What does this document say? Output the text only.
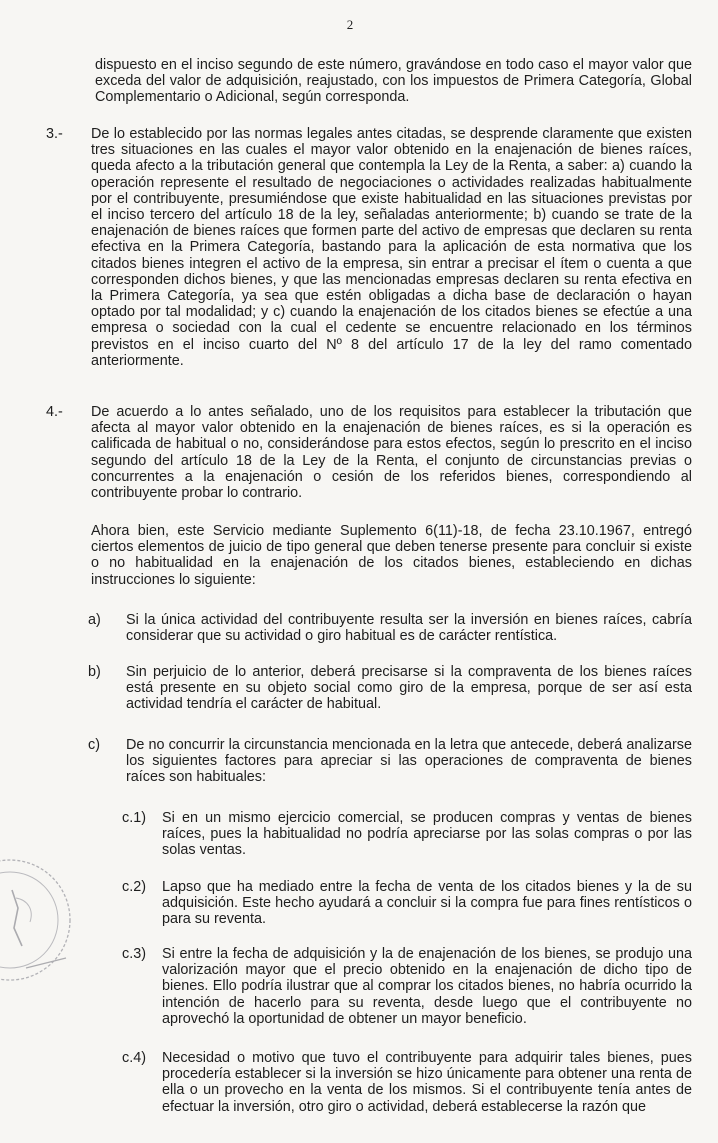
2
dispuesto en el inciso segundo de este número, gravándose en todo caso el mayor valor que exceda del valor de adquisición, reajustado, con los impuestos de Primera Categoría, Global Complementario o Adicional, según corresponda.
3.- De lo establecido por las normas legales antes citadas, se desprende claramente que existen tres situaciones en las cuales el mayor valor obtenido en la enajenación de bienes raíces, queda afecto a la tributación general que contempla la Ley de la Renta, a saber: a) cuando la operación represente el resultado de negociaciones o actividades realizadas habitualmente por el contribuyente, presumiéndose que existe habitualidad en las situaciones previstas por el inciso tercero del artículo 18 de la ley, señaladas anteriormente; b) cuando se trate de la enajenación de bienes raíces que formen parte del activo de empresas que declaren su renta efectiva en la Primera Categoría, bastando para la aplicación de esta normativa que los citados bienes integren el activo de la empresa, sin entrar a precisar el ítem o cuenta a que corresponden dichos bienes, y que las mencionadas empresas declaren su renta efectiva en la Primera Categoría, ya sea que estén obligadas a dicha base de declaración o hayan optado por tal modalidad; y c) cuando la enajenación de los citados bienes se efectúe a una empresa o sociedad con la cual el cedente se encuentre relacionado en los términos previstos en el inciso cuarto del Nº 8 del artículo 17 de la ley del ramo comentado anteriormente.
4.- De acuerdo a lo antes señalado, uno de los requisitos para establecer la tributación que afecta al mayor valor obtenido en la enajenación de bienes raíces, es si la operación es calificada de habitual o no, considerándose para estos efectos, según lo prescrito en el inciso segundo del artículo 18 de la Ley de la Renta, el conjunto de circunstancias previas o concurrentes a la enajenación o cesión de los referidos bienes, correspondiendo al contribuyente probar lo contrario.
Ahora bien, este Servicio mediante Suplemento 6(11)-18, de fecha 23.10.1967, entregó ciertos elementos de juicio de tipo general que deben tenerse presente para concluir si existe o no habitualidad en la enajenación de los citados bienes, estableciendo en dichas instrucciones lo siguiente:
a) Si la única actividad del contribuyente resulta ser la inversión en bienes raíces, cabría considerar que su actividad o giro habitual es de carácter rentística.
b) Sin perjuicio de lo anterior, deberá precisarse si la compraventa de los bienes raíces está presente en su objeto social como giro de la empresa, porque de ser así esta actividad tendría el carácter de habitual.
c) De no concurrir la circunstancia mencionada en la letra que antecede, deberá analizarse los siguientes factores para apreciar si las operaciones de compraventa de bienes raíces son habituales:
c.1) Si en un mismo ejercicio comercial, se producen compras y ventas de bienes raíces, pues la habitualidad no podría apreciarse por las solas compras o por las solas ventas.
c.2) Lapso que ha mediado entre la fecha de venta de los citados bienes y la de su adquisición. Este hecho ayudará a concluir si la compra fue para fines rentísticos o para su reventa.
c.3) Si entre la fecha de adquisición y la de enajenación de los bienes, se produjo una valorización mayor que el precio obtenido en la enajenación de dicho tipo de bienes. Ello podría ilustrar que al comprar los citados bienes, no habría ocurrido la intención de hacerlo para su reventa, desde luego que el contribuyente no aprovechó la oportunidad de obtener un mayor beneficio.
c.4) Necesidad o motivo que tuvo el contribuyente para adquirir tales bienes, pues procedería establecer si la inversión se hizo únicamente para obtener una renta de ella o un provecho en la venta de los mismos. Si el contribuyente tenía antes de efectuar la inversión, otro giro o actividad, deberá establecerse la razón que
